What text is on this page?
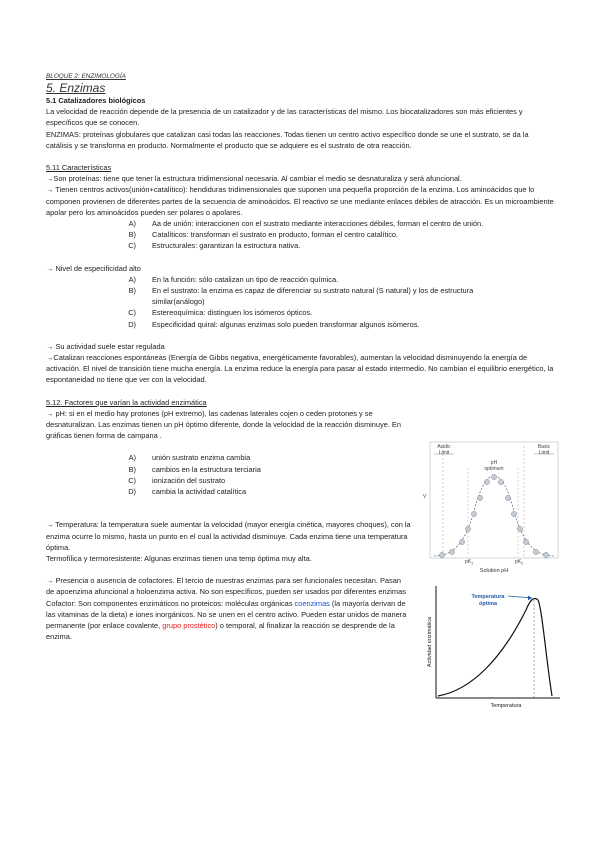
BLOQUE 2: ENZIMOLOGÍA

5. Enzimas

5.1 Catalizadores biológicos

La velocidad de reacción depende de la presencia de un catalizador y de las características del mismo. Los biocatalizadores son más eficientes y específicos que se conocen.

ENZIMAS: proteínas globulares que catalizan casi todas las reacciones. Todas tienen un centro activo específico donde se une el sustrato, se da la catálisis y se transforma en producto. Normalmente el producto que se adquiere es el sustrato de otra reacción.

5.11 Características

→Son proteínas: tiene que tener la estructura tridimensional necesaria. Al cambiar el medio se desnaturaliza y será afuncional.

→ Tienen centros activos(unión+catalítico): hendiduras tridimensionales que suponen una pequeña proporción de la enzima. Los aminoácidos que lo componen provienen de diferentes partes de la secuencia de aminoácidos. El reactivo se une mediante enlaces débiles de atracción. Es un microambiente apolar pero los aminoácidos pueden ser polares o apolares.

A)	Aa de unión: interaccionen con el sustrato mediante interacciones débiles, forman el centro de unión.
B)	Catalíticos: transforman el sustrato en producto, forman el centro catalítico.
C)	Estructurales: garantizan la estructura nativa.

→ Nivel de especificidad alto

A)	En la función: sólo catalizan un tipo de reacción química.
B)	En el sustrato: la enzima es capaz de diferenciar su sustrato natural (S natural) y los de estructura similar(análogo)
C)	Estereoquímica: distinguen los isómeros ópticos.
D)	Especificidad quiral: algunas enzimas solo pueden transformar algunos isómeros.

→ Su actividad suele estar regulada

→Catalizan reacciones espontáneas (Energía de Gibbs negativa, energéticamente favorables), aumentan la velocidad disminuyendo la energía de activación. El nivel de transición tiene mucha energía. La enzima reduce la energía para pasar al estado intermedio. No cambian el equilibrio energético, la espontaneidad no tiene que ver con la velocidad.

5.12. Factores que varían la actividad enzimática

→ pH: si en el medio hay protones (pH extremo), las cadenas laterales cojen o ceden protones y se desnaturalizan. Las enzimas tienen un pH óptimo diferente, donde la velocidad de la reacción disminuye. En gráficas tienen forma de campana .

A)	unión sustrato enzima cambia
B)	cambios en la estructura terciaria
C)	ionización del sustrato
D)	cambia la actividad catalítica

→ Temperatura: la temperatura suele aumentar la velocidad (mayor energía cinética, mayores choques), con la enzima ocurre lo mismo, hasta un punto en el cual la actividad disminuye. Cada enzima tiene una temperatura óptima.

Termofílica y termoresistente: Algunas enzimas tienen una temp óptima muy alta.

→ Presencia o ausencia de cofactores. El tercio de nuestras enzimas para ser funcionales necesitan. Pasan de apoenzima afuncional a holoenzima activa. No son específicos, pueden ser usados por diferentes enzimas

Cofactor: Son componentes enzimáticos no proteicos: moléculas orgánicas coenzimas (la mayoría derivan de las vitaminas de la dieta) e iones inorgánicos. No se unen en el centro activo. Pueden estar unidos de manera permanente (por enlace covalente, grupo prostético) o temporal, al finalizar la reacción se desprende de la enzima.

Acidic
Limit
Basic
Limit
pH
optimum
V
$pK_1$	$pK_2$
Solution pH
Actividad enzimática
Temperatura
Temperatura
óptima
